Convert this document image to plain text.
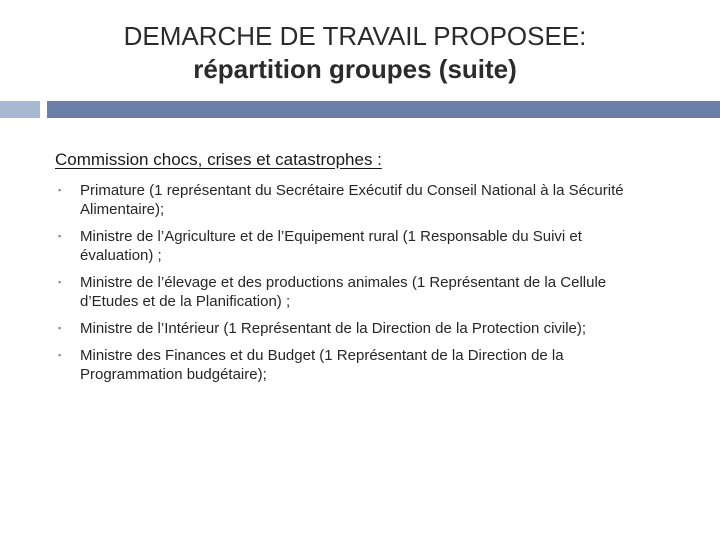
DEMARCHE DE TRAVAIL PROPOSEE:
répartition groupes (suite)
Commission chocs, crises et catastrophes :
▪ Primature (1 représentant du Secrétaire Exécutif du Conseil National à la Sécurité Alimentaire);
▪ Ministre de l’Agriculture et de l’Equipement rural (1 Responsable du Suivi et évaluation) ;
▪ Ministre de l’élevage et des productions animales (1 Représentant de la Cellule d’Etudes et de la Planification) ;
▪ Ministre de l’Intérieur (1 Représentant de la Direction de la Protection civile);
▪ Ministre des Finances et du Budget (1 Représentant de la Direction de la Programmation budgétaire);
